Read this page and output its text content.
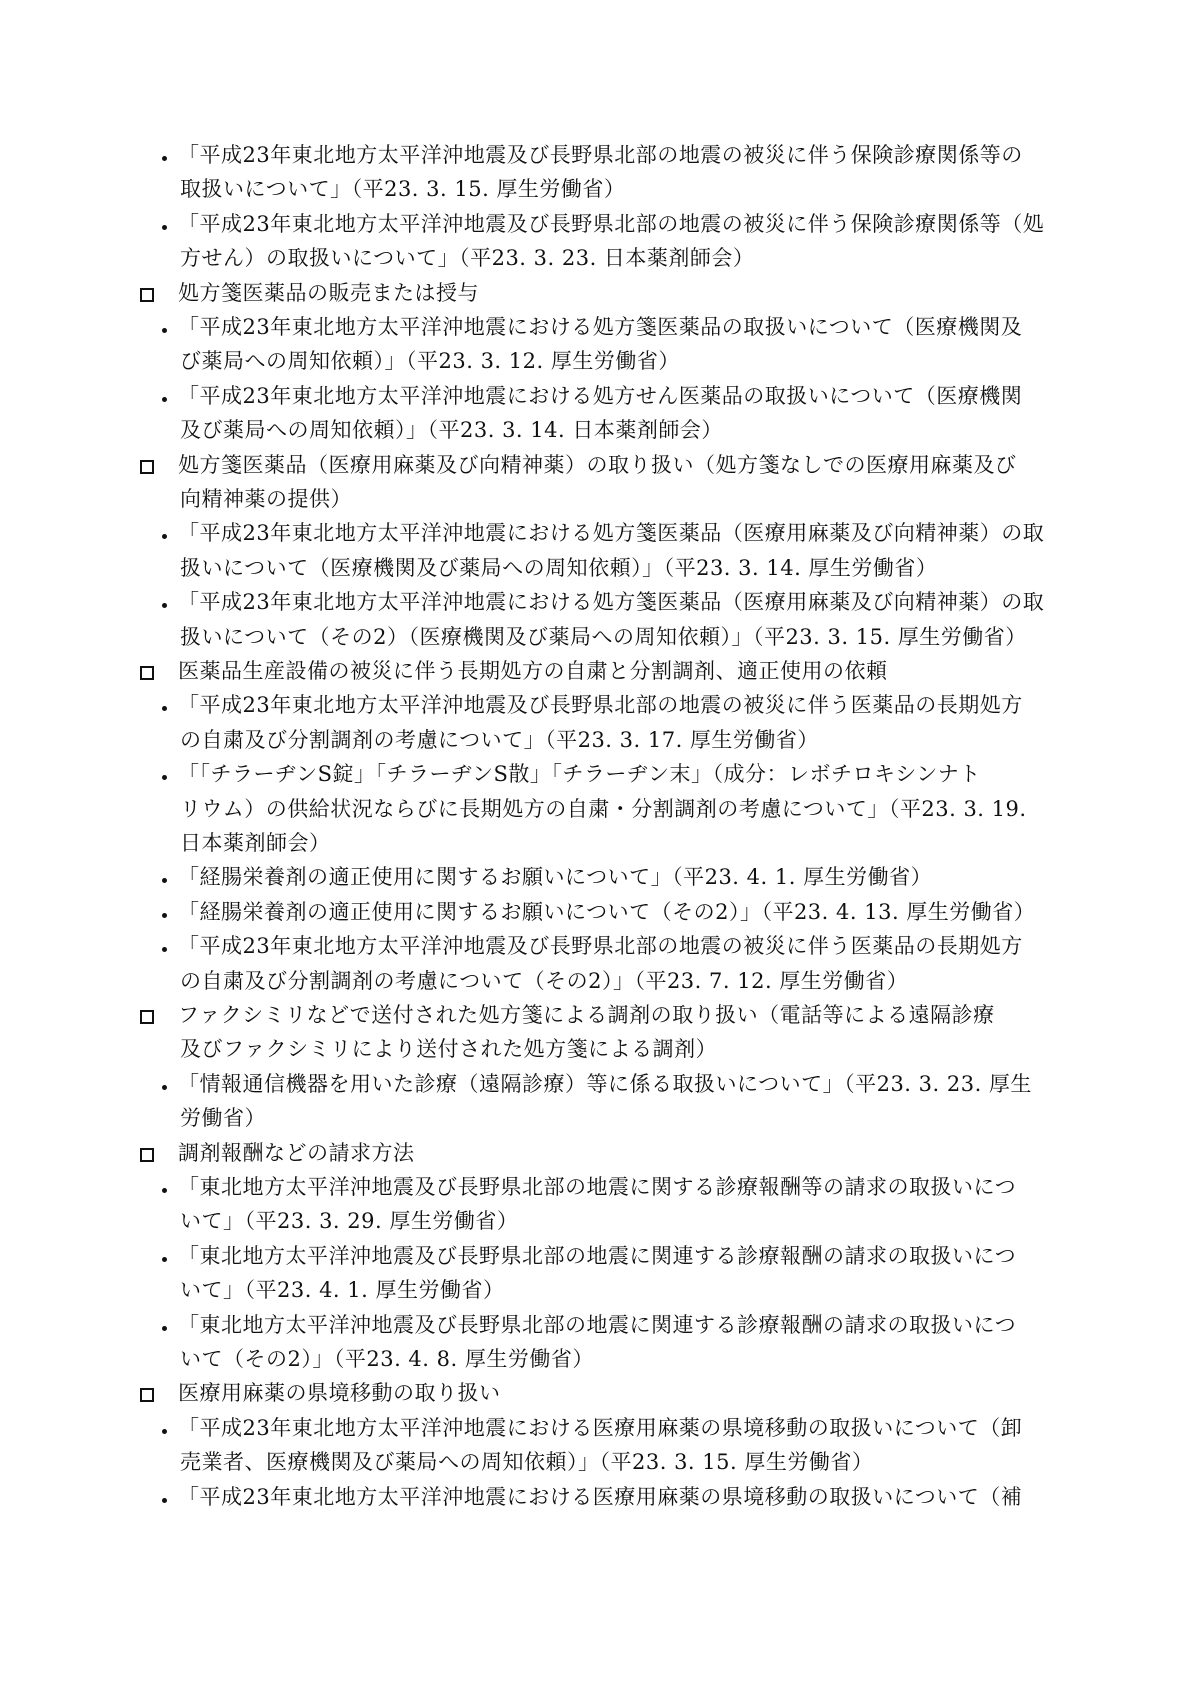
「平成23年東北地方太平洋沖地震及び長野県北部の地震の被災に伴う保険診療関係等の
取扱いについて」（平23. 3. 15. 厚生労働省）
「平成23年東北地方太平洋沖地震及び長野県北部の地震の被災に伴う保険診療関係等（処
方せん）の取扱いについて」（平23. 3. 23. 日本薬剤師会）
処方箋医薬品の販売または授与
「平成23年東北地方太平洋沖地震における処方箋医薬品の取扱いについて（医療機関及
び薬局への周知依頼）」（平23. 3. 12. 厚生労働省）
「平成23年東北地方太平洋沖地震における処方せん医薬品の取扱いについて（医療機関
及び薬局への周知依頼）」（平23. 3. 14. 日本薬剤師会）
処方箋医薬品（医療用麻薬及び向精神薬）の取り扱い（処方箋なしでの医療用麻薬及び
向精神薬の提供）
「平成23年東北地方太平洋沖地震における処方箋医薬品（医療用麻薬及び向精神薬）の取
扱いについて（医療機関及び薬局への周知依頼）」（平23. 3. 14. 厚生労働省）
「平成23年東北地方太平洋沖地震における処方箋医薬品（医療用麻薬及び向精神薬）の取
扱いについて（その2）（医療機関及び薬局への周知依頼）」（平23. 3. 15. 厚生労働省）
医薬品生産設備の被災に伴う長期処方の自粛と分割調剤、適正使用の依頼
「平成23年東北地方太平洋沖地震及び長野県北部の地震の被災に伴う医薬品の長期処方
の自粛及び分割調剤の考慮について」（平23. 3. 17. 厚生労働省）
「「チラーヂンS錠」「チラーヂンS散」「チラーヂン末」（成分：レボチロキシンナト
リウム）の供給状況ならびに長期処方の自粛・分割調剤の考慮について」（平23. 3. 19.
日本薬剤師会）
「経腸栄養剤の適正使用に関するお願いについて」（平23. 4. 1. 厚生労働省）
「経腸栄養剤の適正使用に関するお願いについて（その2）」（平23. 4. 13. 厚生労働省）
「平成23年東北地方太平洋沖地震及び長野県北部の地震の被災に伴う医薬品の長期処方
の自粛及び分割調剤の考慮について（その2）」（平23. 7. 12. 厚生労働省）
ファクシミリなどで送付された処方箋による調剤の取り扱い（電話等による遠隔診療
及びファクシミリにより送付された処方箋による調剤）
「情報通信機器を用いた診療（遠隔診療）等に係る取扱いについて」（平23. 3. 23. 厚生
労働省）
調剤報酬などの請求方法
「東北地方太平洋沖地震及び長野県北部の地震に関する診療報酬等の請求の取扱いにつ
いて」（平23. 3. 29. 厚生労働省）
「東北地方太平洋沖地震及び長野県北部の地震に関連する診療報酬の請求の取扱いにつ
いて」（平23. 4. 1. 厚生労働省）
「東北地方太平洋沖地震及び長野県北部の地震に関連する診療報酬の請求の取扱いにつ
いて（その2）」（平23. 4. 8. 厚生労働省）
医療用麻薬の県境移動の取り扱い
「平成23年東北地方太平洋沖地震における医療用麻薬の県境移動の取扱いについて（卸
売業者、医療機関及び薬局への周知依頼）」（平23. 3. 15. 厚生労働省）
「平成23年東北地方太平洋沖地震における医療用麻薬の県境移動の取扱いについて（補
